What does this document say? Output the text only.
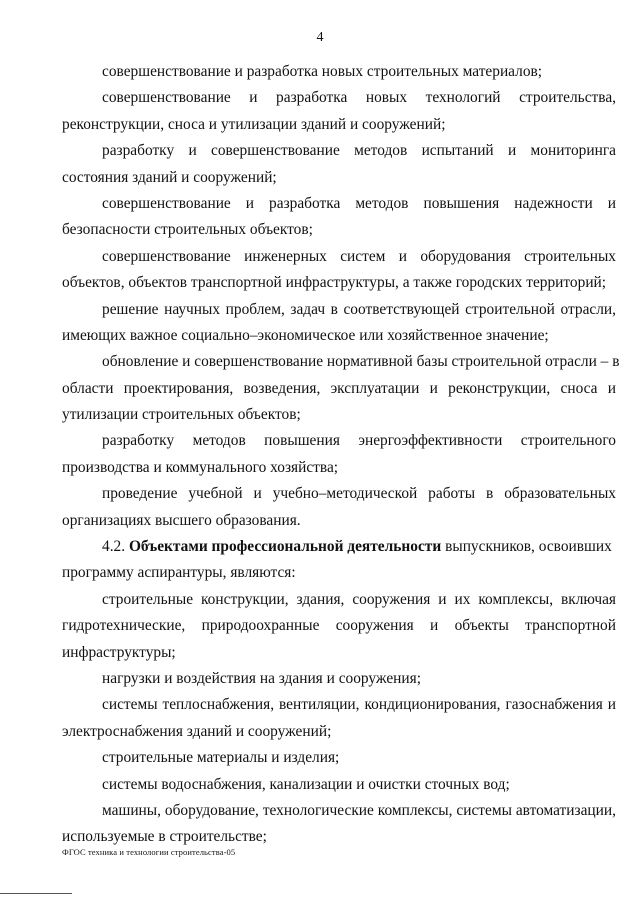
4
совершенствование и разработка новых строительных материалов;
совершенствование и разработка новых технологий строительства,
реконструкции, сноса и утилизации зданий и сооружений;
разработку и совершенствование методов испытаний и мониторинга
состояния зданий и сооружений;
совершенствование и разработка методов повышения надежности и
безопасности строительных объектов;
совершенствование инженерных систем и оборудования строительных
объектов, объектов транспортной инфраструктуры, а также городских территорий;
решение научных проблем, задач в соответствующей строительной отрасли,
имеющих важное социально–экономическое или хозяйственное значение;
обновление и совершенствование нормативной базы строительной отрасли – в
области проектирования, возведения, эксплуатации и реконструкции, сноса и
утилизации строительных объектов;
разработку методов повышения энергоэффективности строительного
производства и коммунального хозяйства;
проведение учебной и учебно–методической работы в образовательных
организациях высшего образования.
4.2. Объектами профессиональной деятельности выпускников, освоивших
программу аспирантуры, являются:
строительные конструкции, здания, сооружения и их комплексы, включая
гидротехнические, природоохранные сооружения и объекты транспортной
инфраструктуры;
нагрузки и воздействия на здания и сооружения;
системы теплоснабжения, вентиляции, кондиционирования, газоснабжения и
электроснабжения зданий и сооружений;
строительные материалы и изделия;
системы водоснабжения, канализации и очистки сточных вод;
машины, оборудование, технологические комплексы, системы автоматизации,
используемые в строительстве;
ФГОС техника и технологии строительства-05
